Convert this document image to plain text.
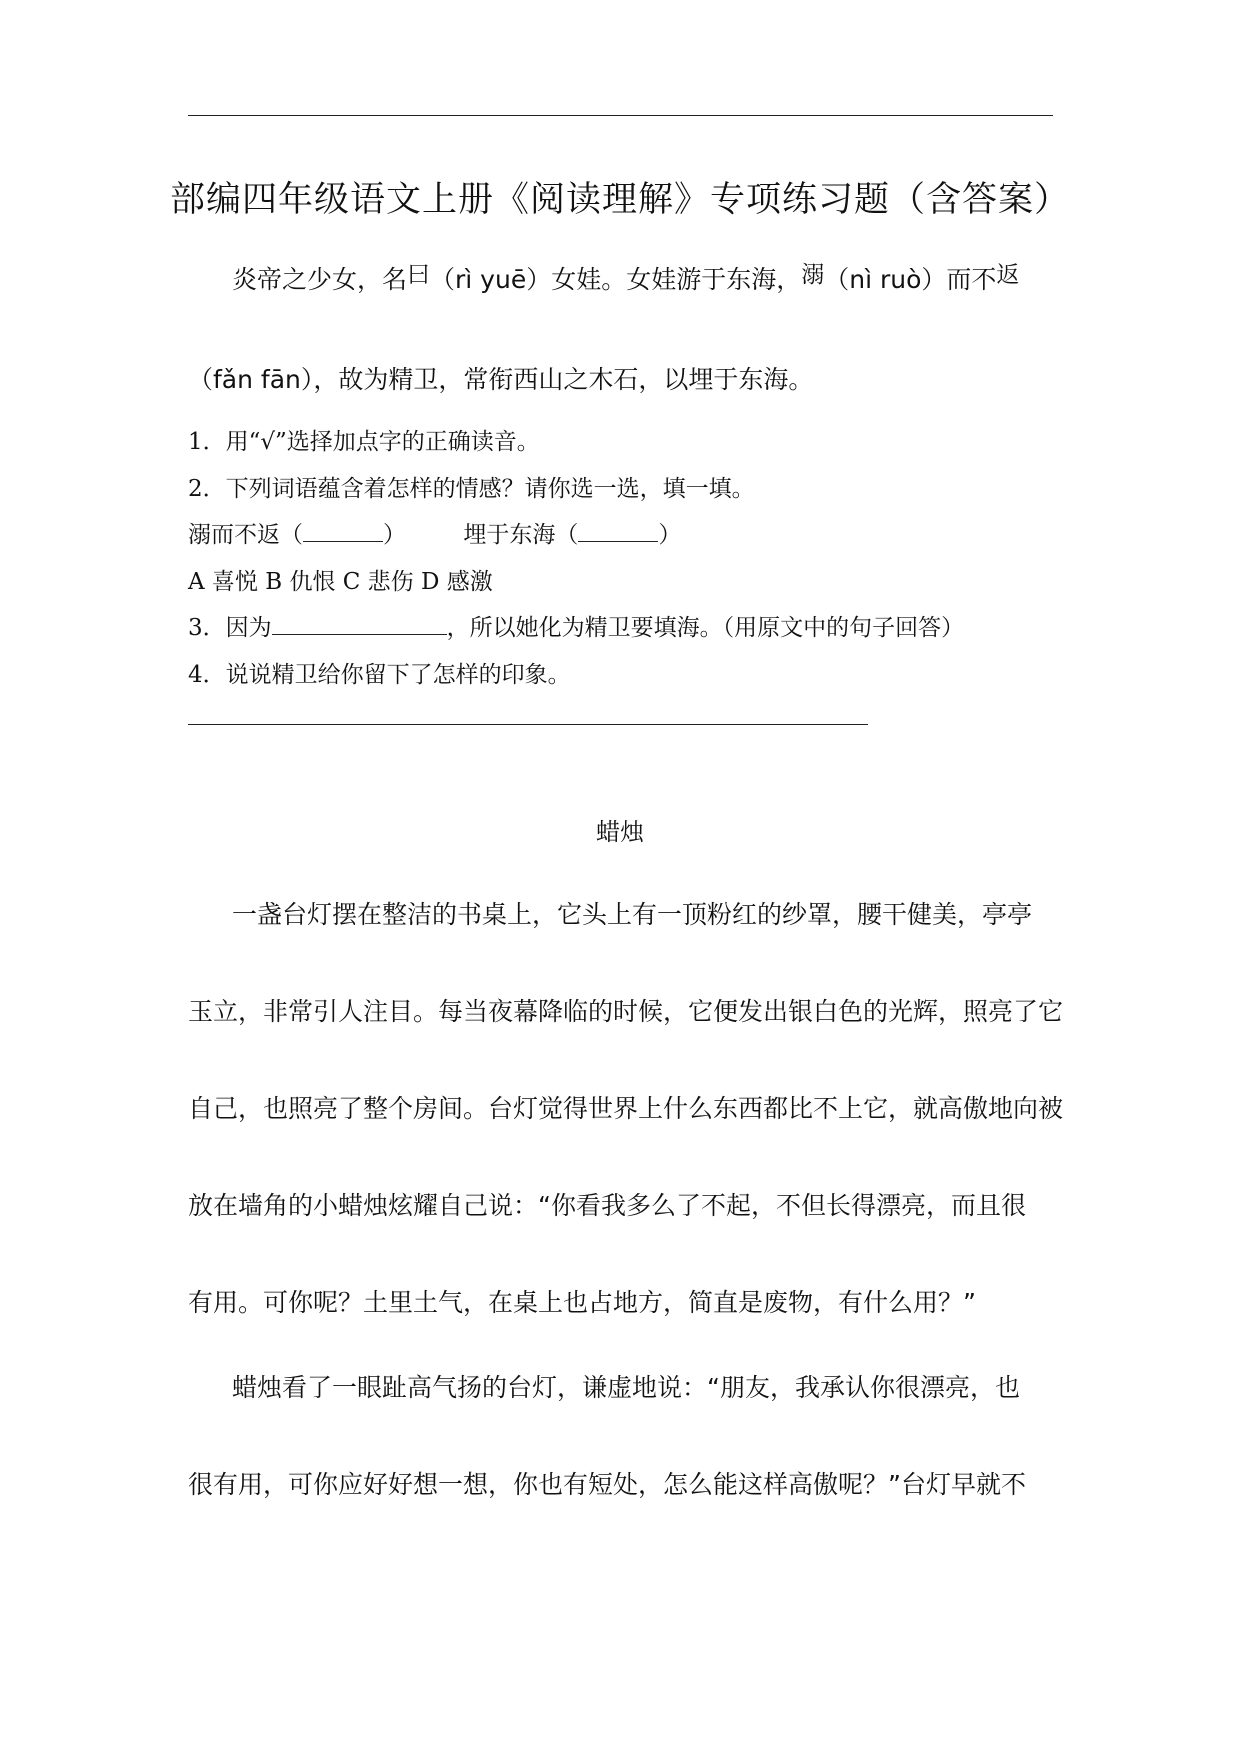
部编四年级语文上册《阅读理解》专项练习题（含答案）
炎帝之少女，名曰（rì yuē）女娃。女娃游于东海，溺（nì ruò）而不返
（fǎn fān），故为精卫，常衔西山之木石，以埋于东海。
1．用“√”选择加点字的正确读音。
2．下列词语蕴含着怎样的情感？请你选一选，填一填。
溺而不返（	） 埋于东海（	）
A 喜悦 B 仇恨 C 悲伤 D 感激
3．因为	，所以她化为精卫要填海。（用原文中的句子回答）
4．说说精卫给你留下了怎样的印象。
蜡烛
一盏台灯摆在整洁的书桌上，它头上有一顶粉红的纱罩，腰干健美，亭亭
玉立，非常引人注目。每当夜幕降临的时候，它便发出银白色的光辉，照亮了它
自己，也照亮了整个房间。台灯觉得世界上什么东西都比不上它，就高傲地向被
放在墙角的小蜡烛炫耀自己说：“你看我多么了不起，不但长得漂亮，而且很
有用。可你呢？土里土气，在桌上也占地方，简直是废物，有什么用？”
蜡烛看了一眼趾高气扬的台灯，谦虚地说：“朋友，我承认你很漂亮，也
很有用，可你应好好想一想，你也有短处，怎么能这样高傲呢？”台灯早就不
